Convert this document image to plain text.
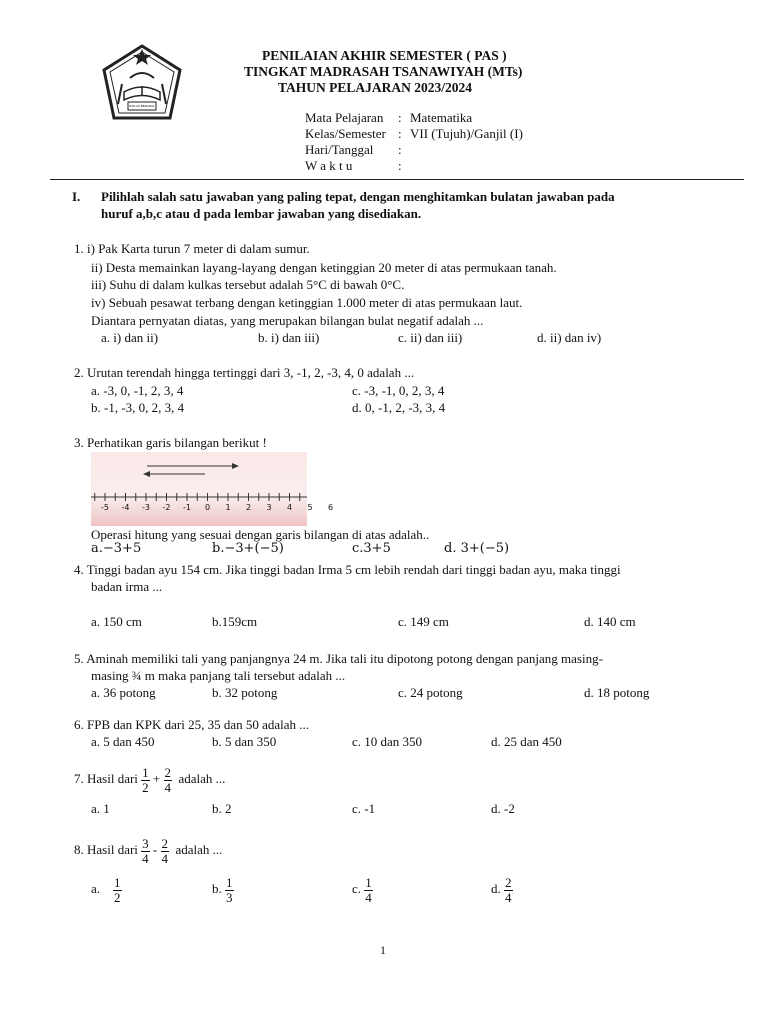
IKHLAS BERAMAL
PENILAIAN AKHIR SEMESTER ( PAS )
TINGKAT MADRASAH TSANAWIYAH (MTs)
TAHUN PELAJARAN 2023/2024
Mata Pelajaran : Matematika
Kelas/Semester : VII (Tujuh)/Ganjil (I)
Hari/Tanggal :
W a k t u	:
I. Pilihlah salah satu jawaban yang paling tepat, dengan menghitamkan bulatan jawaban pada
huruf a,b,c atau d pada lembar jawaban yang disediakan.
1. i) Pak Karta turun 7 meter di dalam sumur.
ii) Desta memainkan layang-layang dengan ketinggian 20 meter di atas permukaan tanah.
iii) Suhu di dalam kulkas tersebut adalah 5°C di bawah 0°C.
iv) Sebuah pesawat terbang dengan ketinggian 1.000 meter di atas permukaan laut.
Diantara pernyatan diatas, yang merupakan bilangan bulat negatif adalah ...
a. i) dan ii)	b. i) dan iii)	c. ii) dan iii)	d. ii) dan iv)
2. Urutan terendah hingga tertinggi dari 3, -1, 2, -3, 4, 0 adalah ...
a. -3, 0, -1, 2, 3, 4	c. -3, -1, 0, 2, 3, 4
b. -1, -3, 0, 2, 3, 4	d. 0, -1, 2, -3, 3, 4
3. Perhatikan garis bilangan berikut !
-5 -4 -3 -2 -1	0	1	2	3	4	5	6
Operasi hitung yang sesuai dengan garis bilangan di atas adalah..
a.−3+5	b.−3+(−5)	c.3+5	d. 3+(−5)
4. Tinggi badan ayu 154 cm. Jika tinggi badan Irma 5 cm lebih rendah dari tinggi badan ayu, maka tinggi
badan irma ...
a. 150 cm	b.159cm	c. 149 cm	d. 140 cm
5. Aminah memiliki tali yang panjangnya 24 m. Jika tali itu dipotong potong dengan panjang masing-
masing ¾ m maka panjang tali tersebut adalah ...
a. 36 potong	b. 32 potong	c. 24 potong	d. 18 potong
6. FPB dan KPK dari 25, 35 dan 50 adalah ...
a. 5 dan 450	b. 5 dan 350	c. 10 dan 350	d. 25 dan 450
7. Hasil dari $\frac{1}{2} + \frac{2}{4}$ adalah ...
a. 1	b. 2	c. -1	d. -2
8. Hasil dari $\frac{3}{4} - \frac{2}{4}$ adalah ...
a. $\frac{1}{2}$	b. $\frac{1}{3}$	c. $\frac{1}{4}$	d. $\frac{2}{4}$
1
